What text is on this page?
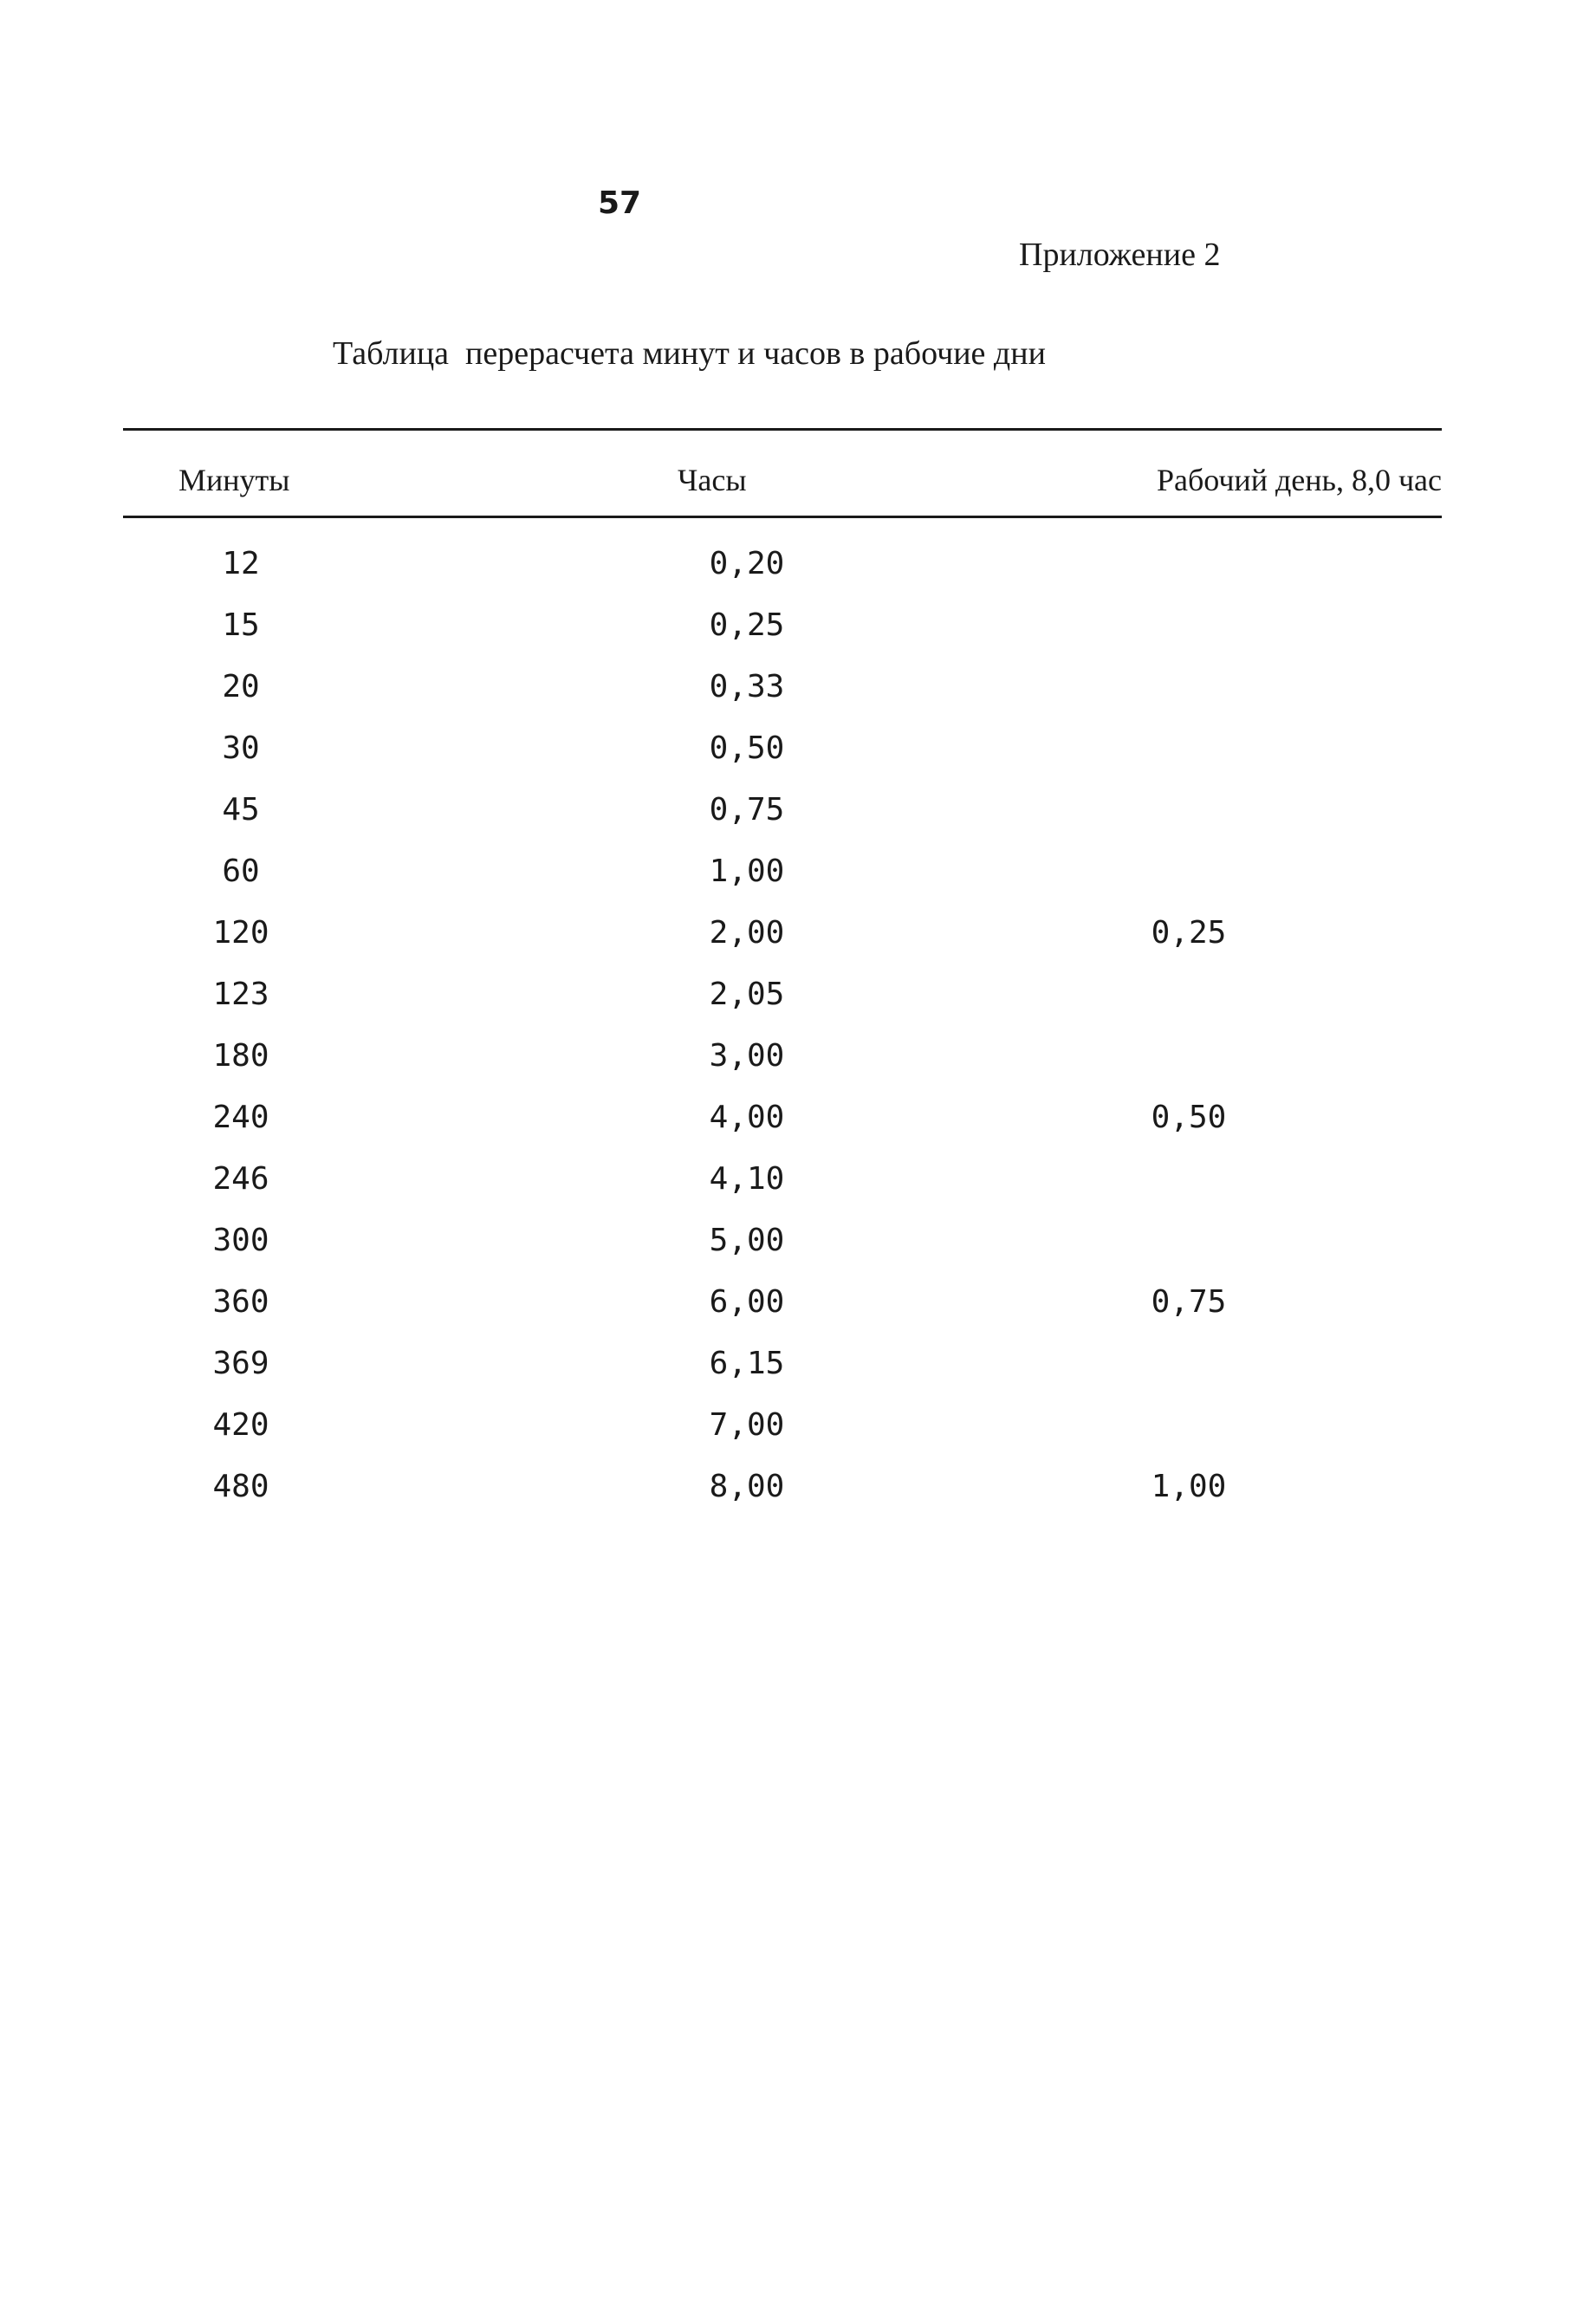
57
Приложение 2
Таблица  перерасчета минут и часов в рабочие дни
Минуты	Часы	Рабочий день, 8,0 час
12	0,20
15	0,25
20	0,33
30	0,50
45	0,75
60	1,00
120	2,00	0,25
123	2,05
180	3,00
240	4,00	0,50
246	4,10
300	5,00
360	6,00	0,75
369	6,15
420	7,00
480	8,00	1,00
